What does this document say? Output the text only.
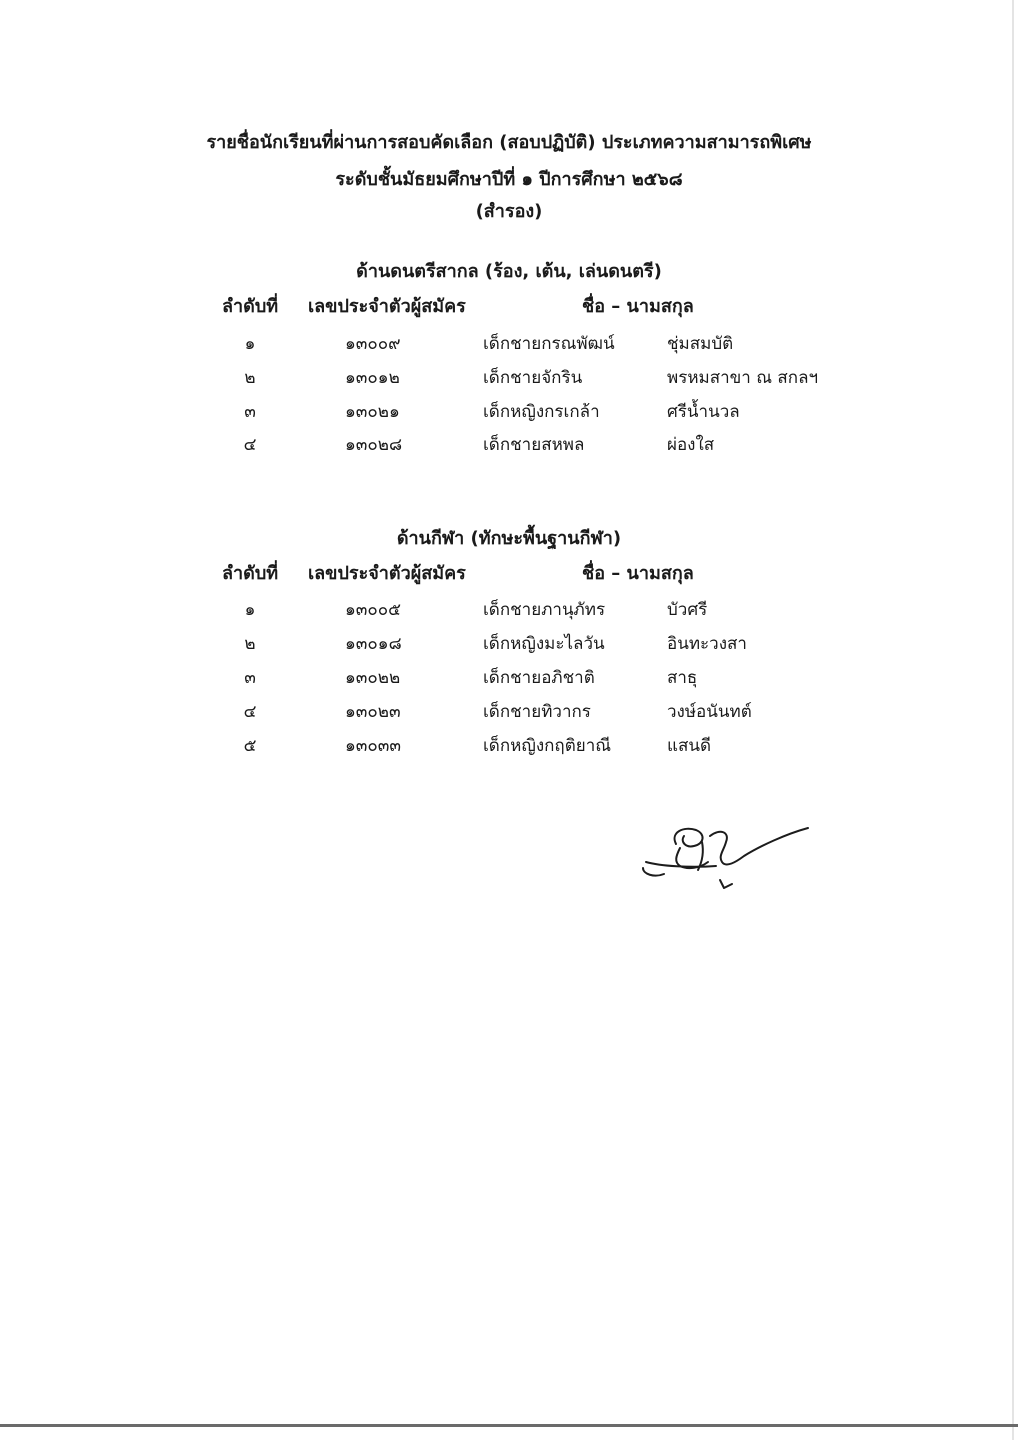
รายชื่อนักเรียนที่ผ่านการสอบคัดเลือก (สอบปฏิบัติ) ประเภทความสามารถพิเศษ
ระดับชั้นมัธยมศึกษาปีที่ ๑ ปีการศึกษา ๒๕๖๘
(สำรอง)
ด้านดนตรีสากล (ร้อง, เต้น, เล่นดนตรี)
ลำดับที่ เลขประจำตัวผู้สมัคร	ชื่อ – นามสกุล
๑	๑๓๐๐๙	เด็กชายกรณพัฒน์	ชุ่มสมบัติ
๒	๑๓๐๑๒	เด็กชายจักริน	พรหมสาขา ณ สกลฯ
๓	๑๓๐๒๑	เด็กหญิงกรเกล้า	ศรีน้ำนวล
๔	๑๓๐๒๘	เด็กชายสหพล	ผ่องใส
ด้านกีฬา (ทักษะพื้นฐานกีฬา)
ลำดับที่ เลขประจำตัวผู้สมัคร	ชื่อ – นามสกุล
๑	๑๓๐๐๕	เด็กชายภานุภัทร	บัวศรี
๒	๑๓๐๑๘	เด็กหญิงมะไลวัน	อินทะวงสา
๓	๑๓๐๒๒	เด็กชายอภิชาติ	สาธุ
๔	๑๓๐๒๓	เด็กชายทิวากร	วงษ์อนันทต์
๕	๑๓๐๓๓	เด็กหญิงกฤติยาณี	แสนดี
